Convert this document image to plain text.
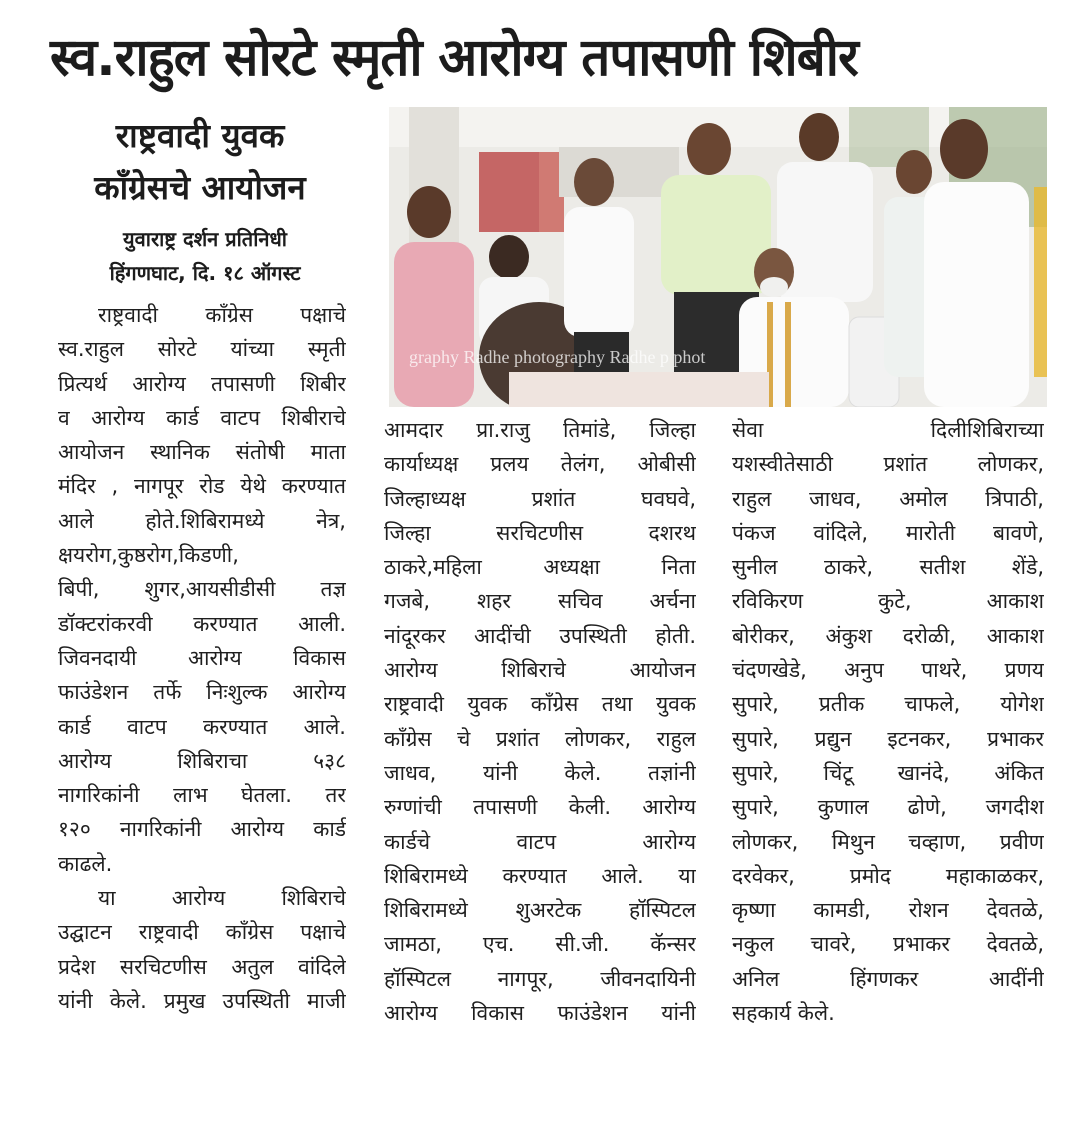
स्व.राहुल सोरटे स्मृती आरोग्य तपासणी शिबीर
राष्ट्रवादी युवक
काँग्रेसचे आयोजन
युवाराष्ट्र दर्शन प्रतिनिधी
हिंगणघाट, दि. १८ ऑगस्ट
graphy Radhe photography Radhe p phot
राष्ट्रवादी काँग्रेस पक्षाचे
स्व.राहुल सोरटे यांच्या स्मृती
प्रित्यर्थ आरोग्य तपासणी शिबीर
व आरोग्य कार्ड वाटप शिबीराचे
आयोजन स्थानिक संतोषी माता
मंदिर , नागपूर रोड येथे करण्यात
आले होते.शिबिरामध्ये नेत्र,
क्षयरोग,कुष्ठरोग,किडणी,
बिपी, शुगर,आयसीडीसी तज्ञ
डॉक्टरांकरवी करण्यात आली.
जिवनदायी आरोग्य विकास
फाउंडेशन तर्फे निःशुल्क आरोग्य
कार्ड वाटप करण्यात आले.
आरोग्य शिबिराचा ५३८
नागरिकांनी लाभ घेतला. तर
१२० नागरिकांनी आरोग्य कार्ड
काढले.
या आरोग्य शिबिराचे
उद्घाटन राष्ट्रवादी काँग्रेस पक्षाचे
प्रदेश सरचिटणीस अतुल वांदिले
यांनी केले. प्रमुख उपस्थिती माजी
आमदार प्रा.राजु तिमांडे, जिल्हा
कार्याध्यक्ष प्रलय तेलंग, ओबीसी
जिल्हाध्यक्ष प्रशांत घवघवे,
जिल्हा सरचिटणीस दशरथ
ठाकरे,महिला अध्यक्षा निता
गजबे, शहर सचिव अर्चना
नांदूरकर आदींची उपस्थिती होती.
आरोग्य शिबिराचे आयोजन
राष्ट्रवादी युवक काँग्रेस तथा युवक
काँग्रेस चे प्रशांत लोणकर, राहुल
जाधव, यांनी केले. तज्ञांनी
रुग्णांची तपासणी केली. आरोग्य
कार्डचे वाटप आरोग्य
शिबिरामध्ये करण्यात आले. या
शिबिरामध्ये शुअरटेक हॉस्पिटल
जामठा, एच. सी.जी. कॅन्सर
हॉस्पिटल नागपूर, जीवनदायिनी
आरोग्य विकास फाउंडेशन यांनी
सेवा दिलीशिबिराच्या
यशस्वीतेसाठी प्रशांत लोणकर,
राहुल जाधव, अमोल त्रिपाठी,
पंकज वांदिले, मारोती बावणे,
सुनील ठाकरे, सतीश शेंडे,
रविकिरण कुटे, आकाश
बोरीकर, अंकुश दरोळी, आकाश
चंदणखेडे, अनुप पाथरे, प्रणय
सुपारे, प्रतीक चाफले, योगेश
सुपारे, प्रद्युन इटनकर, प्रभाकर
सुपारे, चिंटू खानंदे, अंकित
सुपारे, कुणाल ढोणे, जगदीश
लोणकर, मिथुन चव्हाण, प्रवीण
दरवेकर, प्रमोद महाकाळकर,
कृष्णा कामडी, रोशन देवतळे,
नकुल चावरे, प्रभाकर देवतळे,
अनिल हिंगणकर आदींनी
सहकार्य केले.
